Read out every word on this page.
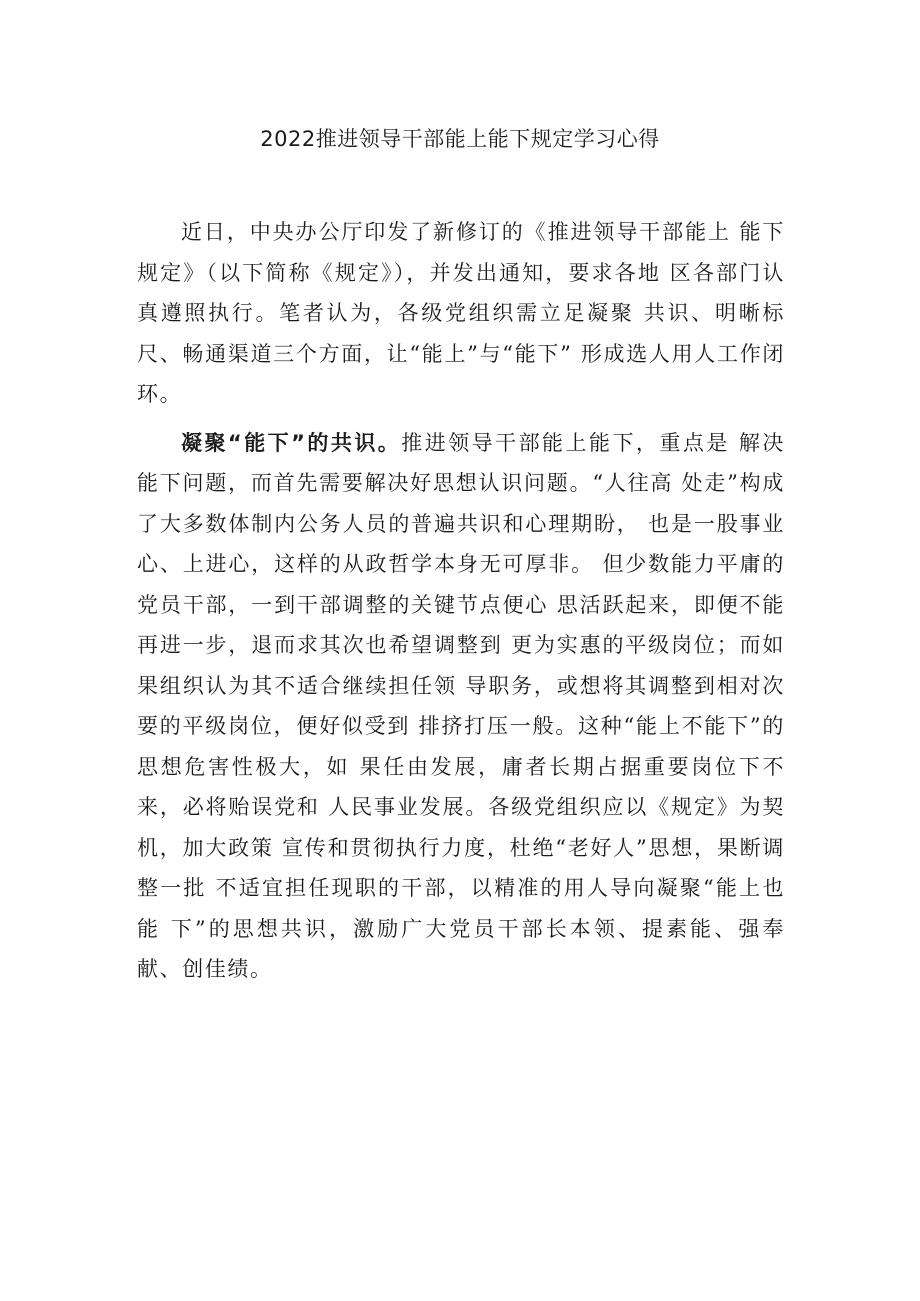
2022推进领导干部能上能下规定学习心得

近日，中央办公厅印发了新修订的《推进领导干部能上 能下规定》（以下简称《规定》），并发出通知，要求各地 区各部门认真遵照执行。笔者认为，各级党组织需立足凝聚 共识、明晰标尺、畅通渠道三个方面，让“能上”与“能下” 形成选人用人工作闭环。

凝聚“能下”的共识。推进领导干部能上能下，重点是 解决能下问题，而首先需要解决好思想认识问题。“人往高 处走”构成了大多数体制内公务人员的普遍共识和心理期盼， 也是一股事业心、上进心，这样的从政哲学本身无可厚非。 但少数能力平庸的党员干部，一到干部调整的关键节点便心 思活跃起来，即便不能再进一步，退而求其次也希望调整到 更为实惠的平级岗位；而如果组织认为其不适合继续担任领 导职务，或想将其调整到相对次要的平级岗位，便好似受到 排挤打压一般。这种“能上不能下”的思想危害性极大，如 果任由发展，庸者长期占据重要岗位下不来，必将贻误党和 人民事业发展。各级党组织应以《规定》为契机，加大政策 宣传和贯彻执行力度，杜绝“老好人”思想，果断调整一批 不适宜担任现职的干部，以精准的用人导向凝聚“能上也能 下”的思想共识，激励广大党员干部长本领、提素能、强奉献、创佳绩。
